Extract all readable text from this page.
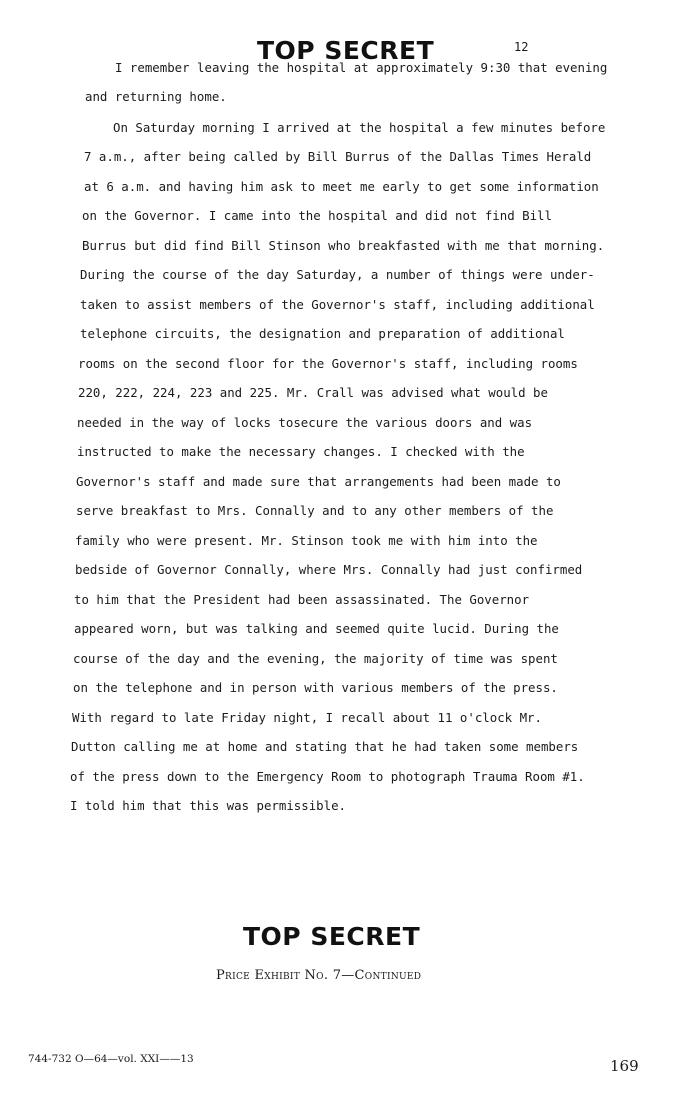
TOP SECRET	12
I remember leaving the hospital at approximately 9:30 that evening
and returning home.
On Saturday morning I arrived at the hospital a few minutes before
7 a.m., after being called by Bill Burrus of the Dallas Times Herald
at 6 a.m. and having him ask to meet me early to get some information
on the Governor. I came into the hospital and did not find Bill
Burrus but did find Bill Stinson who breakfasted with me that morning.
During the course of the day Saturday, a number of things were under-
taken to assist members of the Governor's staff, including additional
telephone circuits, the designation and preparation of additional
rooms on the second floor for the Governor's staff, including rooms
220, 222, 224, 223 and 225. Mr. Crall was advised what would be
needed in the way of locks tosecure the various doors and was
instructed to make the necessary changes. I checked with the
Governor's staff and made sure that arrangements had been made to
serve breakfast to Mrs. Connally and to any other members of the
family who were present. Mr. Stinson took me with him into the
bedside of Governor Connally, where Mrs. Connally had just confirmed
to him that the President had been assassinated. The Governor
appeared worn, but was talking and seemed quite lucid. During the
course of the day and the evening, the majority of time was spent
on the telephone and in person with various members of the press.
With regard to late Friday night, I recall about 11 o'clock Mr.
Dutton calling me at home and stating that he had taken some members
of the press down to the Emergency Room to photograph Trauma Room #1.
I told him that this was permissible.
TOP SECRET
Price Exhibit No. 7—Continued
744-732 O—64—vol. XXI——13	169
